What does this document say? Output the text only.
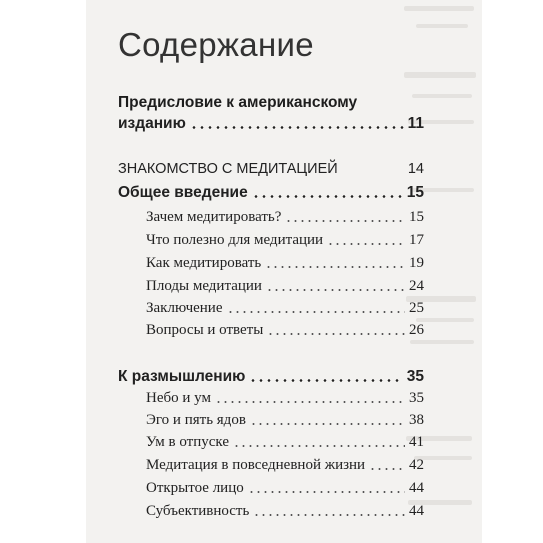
Содержание
Предисловие к американскому
изданию	11
ЗНАКОМСТВО С МЕДИТАЦИЕЙ	14
Общее введение	15
Зачем медитировать?	15
Что полезно для медитации	17
Как медитировать	19
Плоды медитации	24
Заключение	25
Вопросы и ответы	26
К размышлению	35
Небо и ум	35
Эго и пять ядов	38
Ум в отпуске	41
Медитация в повседневной жизни	42
Открытое лицо	44
Субъективность	44
